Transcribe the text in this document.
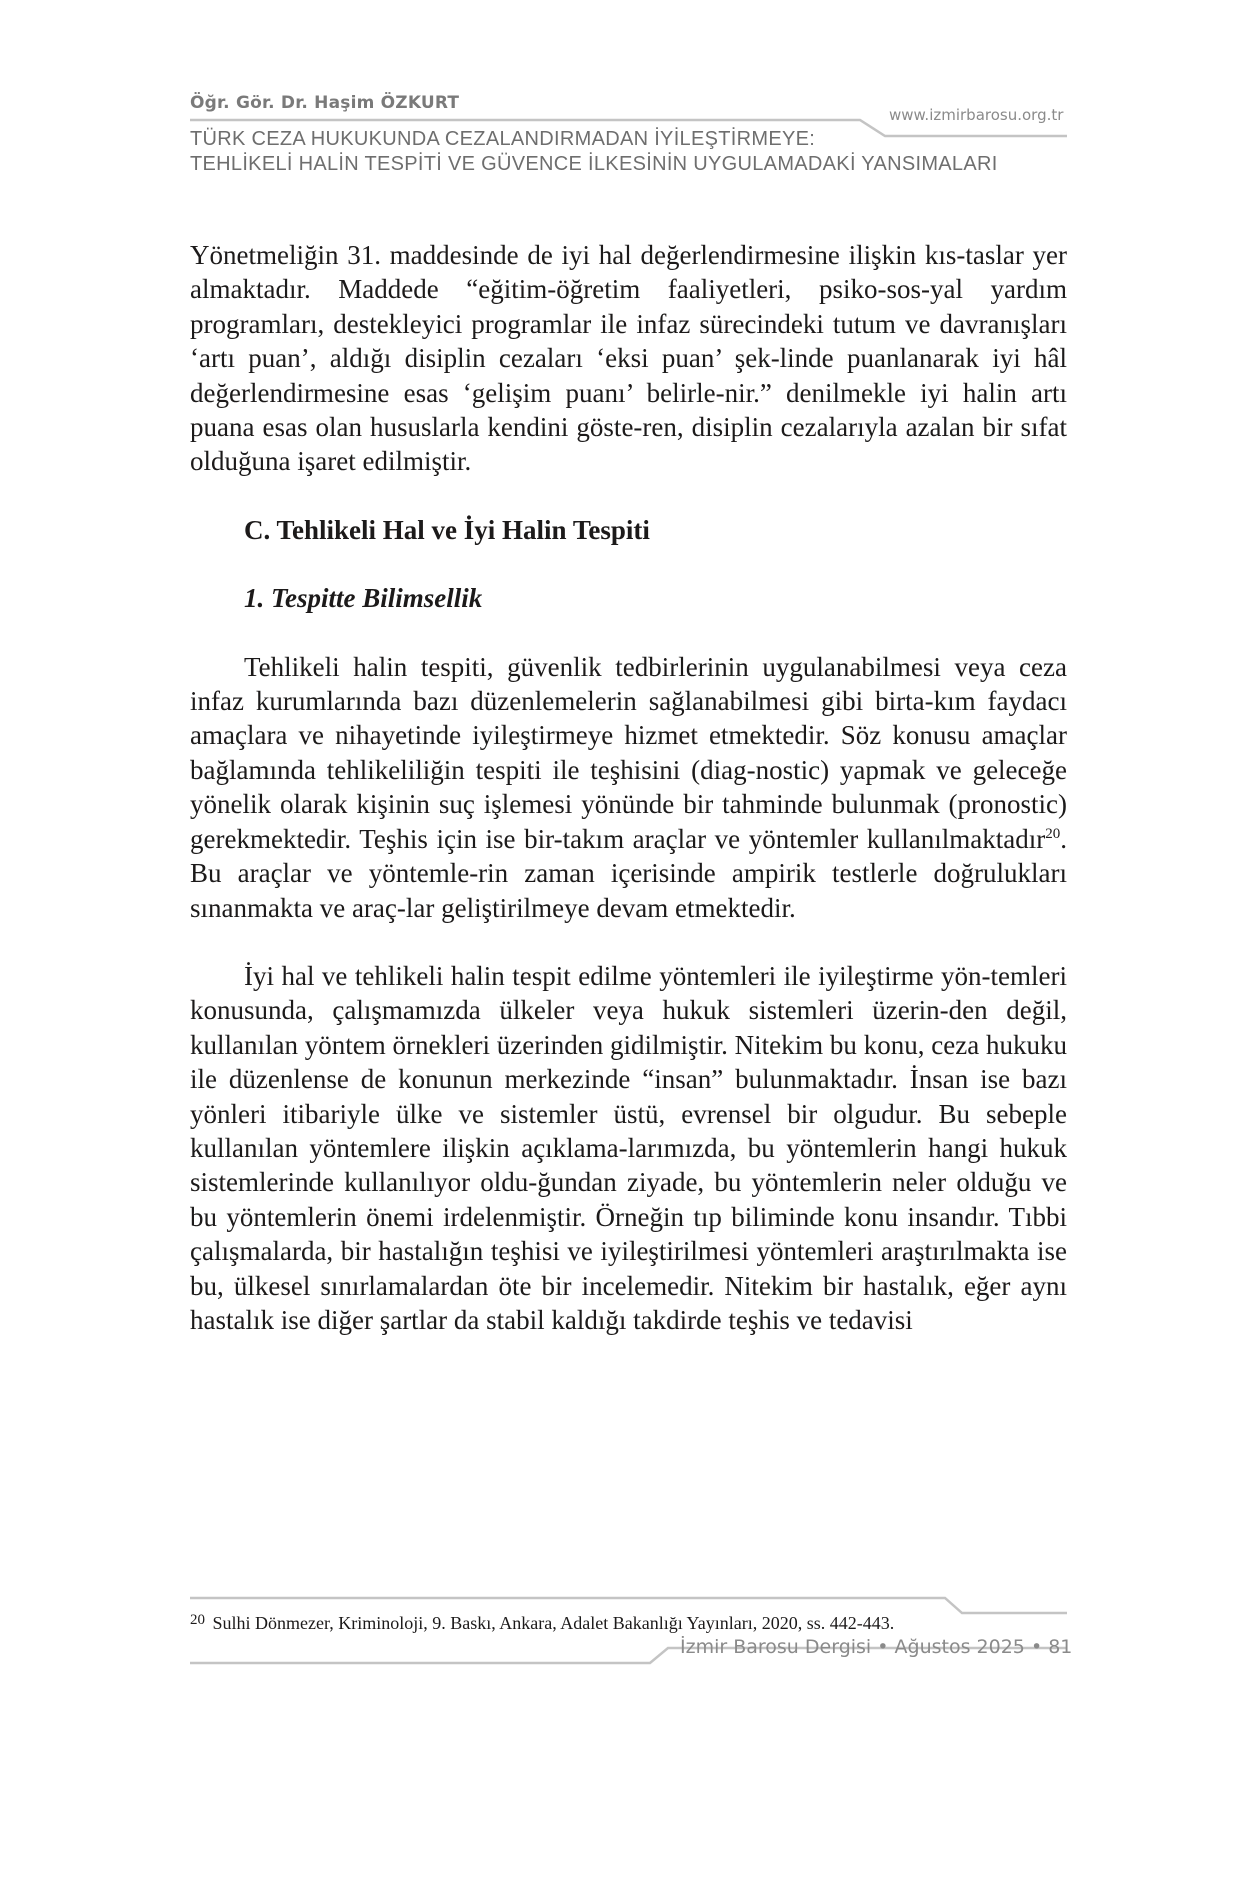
Öğr. Gör. Dr. Haşim ÖZKURT
www.izmirbarosu.org.tr
TÜRK CEZA HUKUKUNDA CEZALANDIRMADAN İYİLEŞTİRMEYE:
TEHLİKELİ HALİN TESPİTİ VE GÜVENCE İLKESİNİN UYGULAMADAKİ YANSIMALARI

Yönetmeliğin 31. maddesinde de iyi hal değerlendirmesine ilişkin kıs-taslar yer almaktadır. Maddede “eğitim-öğretim faaliyetleri, psiko-sos-yal yardım programları, destekleyici programlar ile infaz sürecindeki tutum ve davranışları ‘artı puan’, aldığı disiplin cezaları ‘eksi puan’ şek-linde puanlanarak iyi hâl değerlendirmesine esas ‘gelişim puanı’ belirle-nir.” denilmekle iyi halin artı puana esas olan hususlarla kendini göste-ren, disiplin cezalarıyla azalan bir sıfat olduğuna işaret edilmiştir.

C. Tehlikeli Hal ve İyi Halin Tespiti

1. Tespitte Bilimsellik

Tehlikeli halin tespiti, güvenlik tedbirlerinin uygulanabilmesi veya ceza infaz kurumlarında bazı düzenlemelerin sağlanabilmesi gibi birta-kım faydacı amaçlara ve nihayetinde iyileştirmeye hizmet etmektedir. Söz konusu amaçlar bağlamında tehlikeliliğin tespiti ile teşhisini (diag-nostic) yapmak ve geleceğe yönelik olarak kişinin suç işlemesi yönünde bir tahminde bulunmak (pronostic) gerekmektedir. Teşhis için ise bir-takım araçlar ve yöntemler kullanılmaktadır$^{20}$. Bu araçlar ve yöntemle-rin zaman içerisinde ampirik testlerle doğrulukları sınanmakta ve araç-lar geliştirilmeye devam etmektedir.

İyi hal ve tehlikeli halin tespit edilme yöntemleri ile iyileştirme yön-temleri konusunda, çalışmamızda ülkeler veya hukuk sistemleri üzerin-den değil, kullanılan yöntem örnekleri üzerinden gidilmiştir. Nitekim bu konu, ceza hukuku ile düzenlense de konunun merkezinde “insan” bulunmaktadır. İnsan ise bazı yönleri itibariyle ülke ve sistemler üstü, evrensel bir olgudur. Bu sebeple kullanılan yöntemlere ilişkin açıklama-larımızda, bu yöntemlerin hangi hukuk sistemlerinde kullanılıyor oldu-ğundan ziyade, bu yöntemlerin neler olduğu ve bu yöntemlerin önemi irdelenmiştir. Örneğin tıp biliminde konu insandır. Tıbbi çalışmalarda, bir hastalığın teşhisi ve iyileştirilmesi yöntemleri araştırılmakta ise bu, ülkesel sınırlamalardan öte bir incelemedir. Nitekim bir hastalık, eğer aynı hastalık ise diğer şartlar da stabil kaldığı takdirde teşhis ve tedavisi

$^{20}$ Sulhi Dönmezer, Kriminoloji, 9. Baskı, Ankara, Adalet Bakanlığı Yayınları, 2020, ss. 442-443.
İzmir Barosu Dergisi • Ağustos 2025 • 81
